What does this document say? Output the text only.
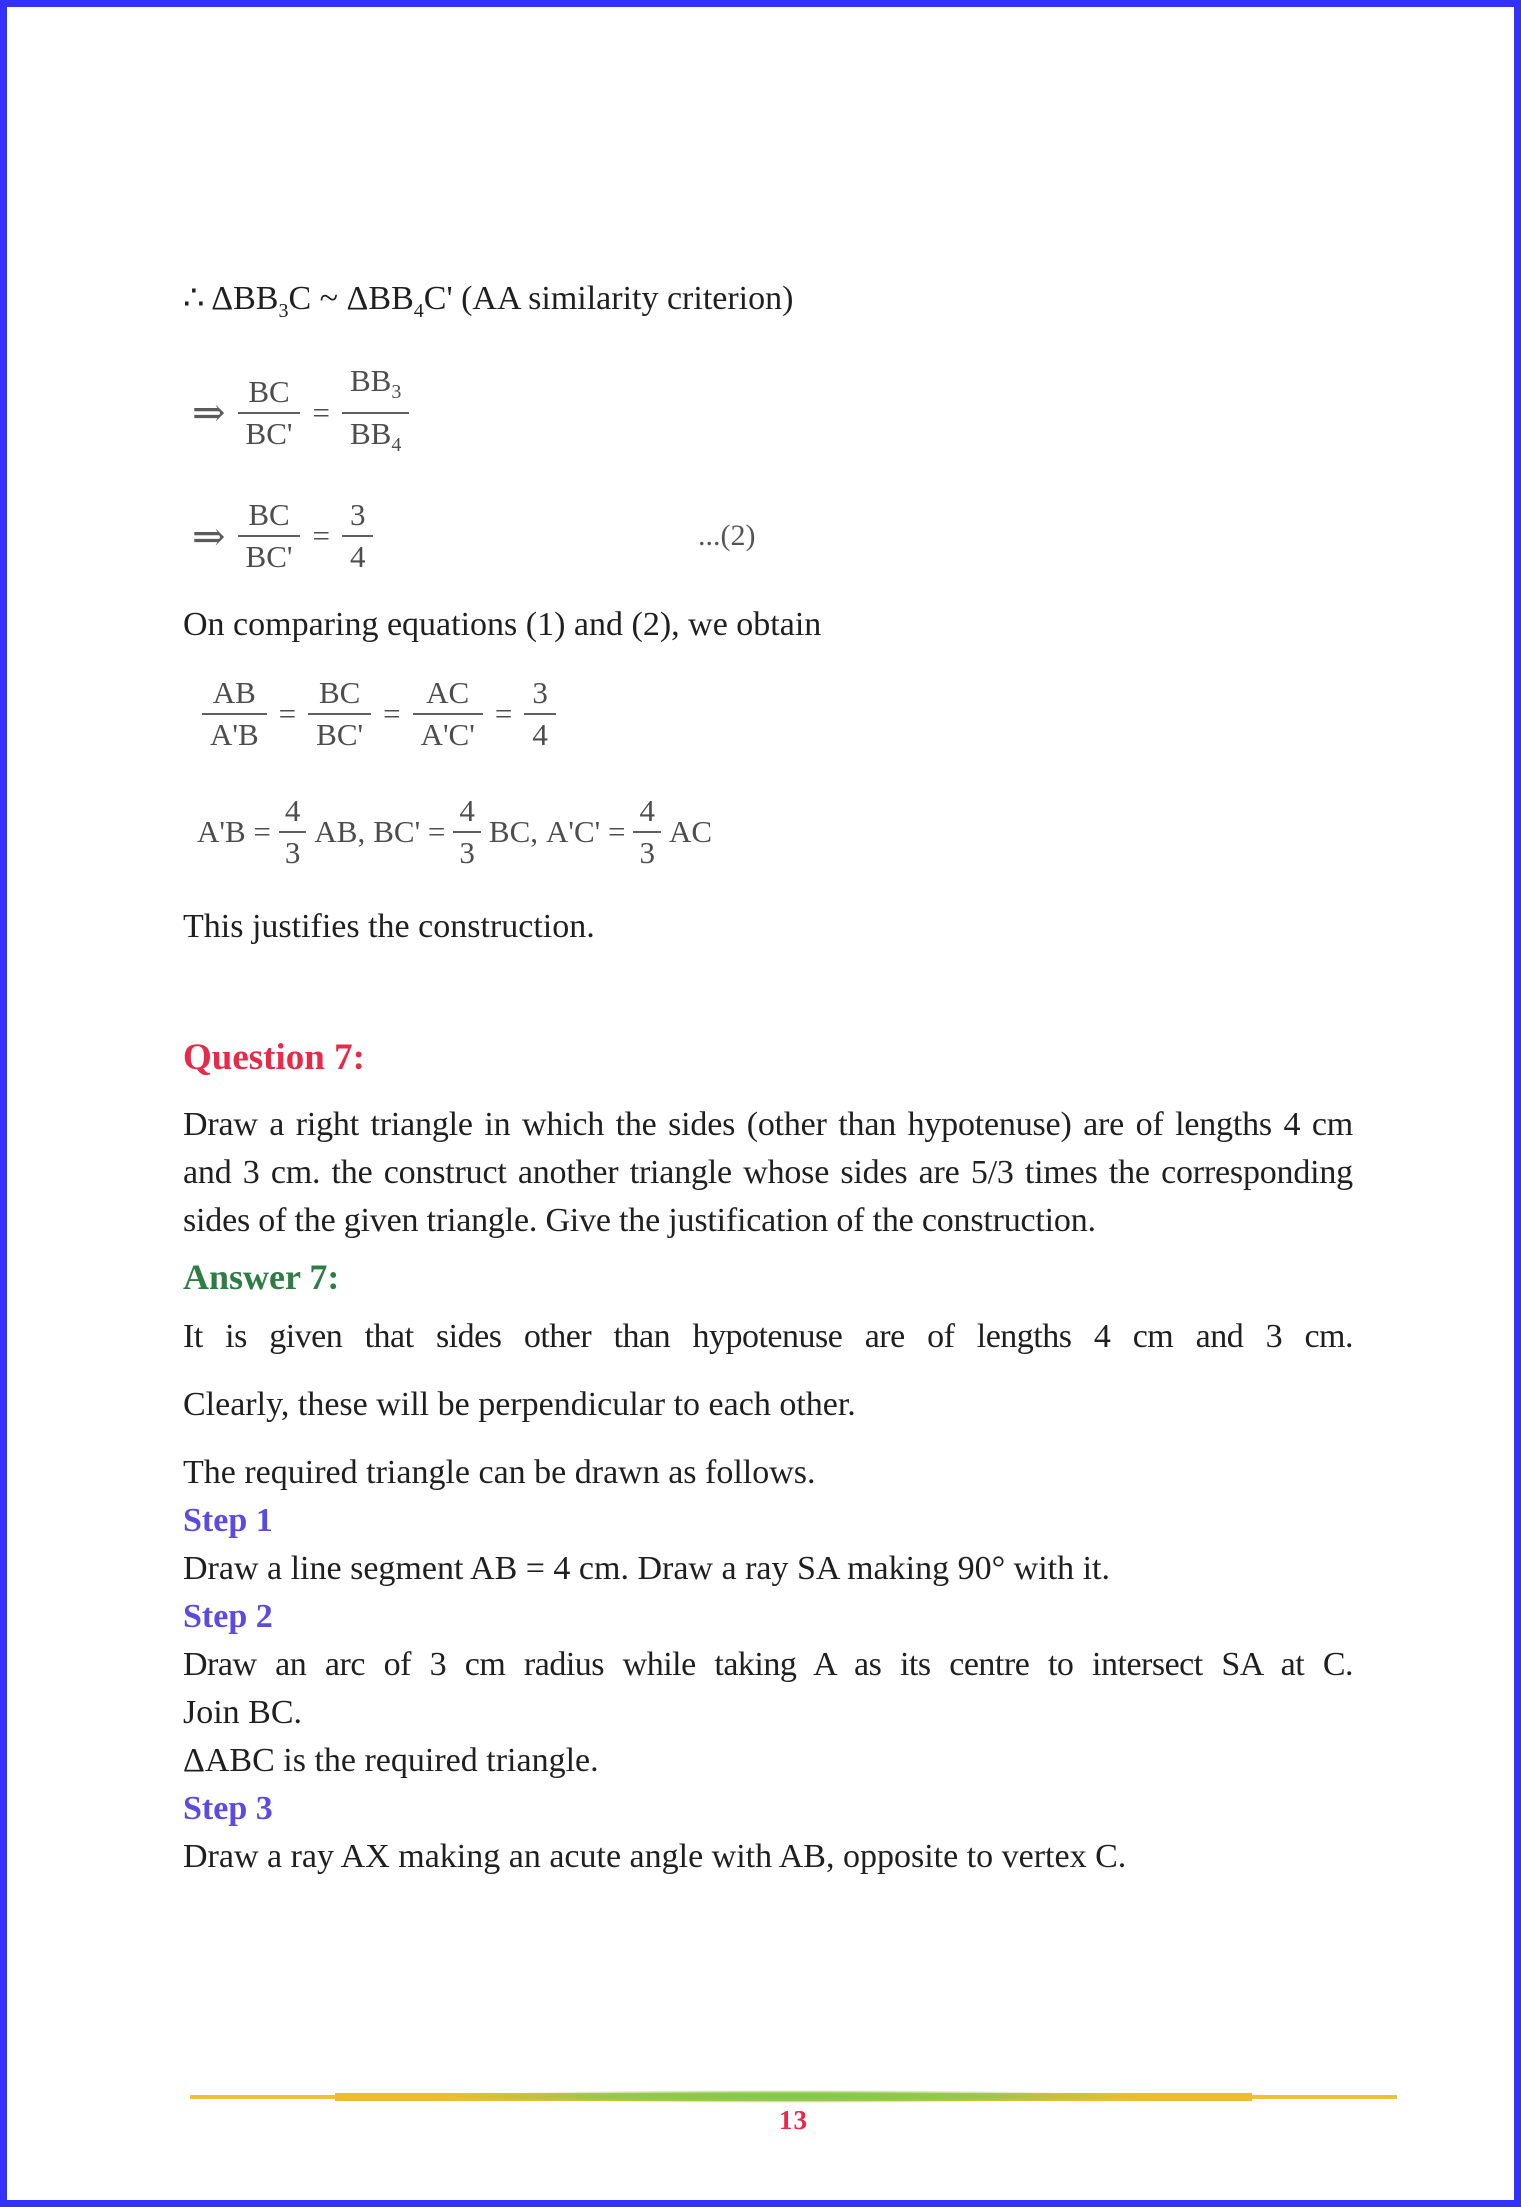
∴ $\Delta BB_3C$ ~ $\Delta BB_4C'$ (AA similarity criterion)
⇒ $\frac{BC}{BC'} = \frac{BB_3}{BB_4}$
⇒ $\frac{BC}{BC'} = \frac{3}{4}$	...(2)
On comparing equations (1) and (2), we obtain
$\frac{AB}{A'B} = \frac{BC}{BC'} = \frac{AC}{A'C'} = \frac{3}{4}$
$A'B = \frac{4}{3}$ AB, $BC' = \frac{4}{3}$ BC, $A'C' = \frac{4}{3}$ AC
This justifies the construction.
Question 7:
Draw a right triangle in which the sides (other than hypotenuse) are of lengths 4 cm and 3 cm. the construct another triangle whose sides are 5/3 times the corresponding sides of the given triangle. Give the justification of the construction.
Answer 7:
It is given that sides other than hypotenuse are of lengths 4 cm and 3 cm.
Clearly, these will be perpendicular to each other.
The required triangle can be drawn as follows.
Step 1
Draw a line segment AB = 4 cm. Draw a ray SA making 90° with it.
Step 2
Draw an arc of 3 cm radius while taking A as its centre to intersect SA at C.
Join BC.
ΔABC is the required triangle.
Step 3
Draw a ray AX making an acute angle with AB, opposite to vertex C.
13
